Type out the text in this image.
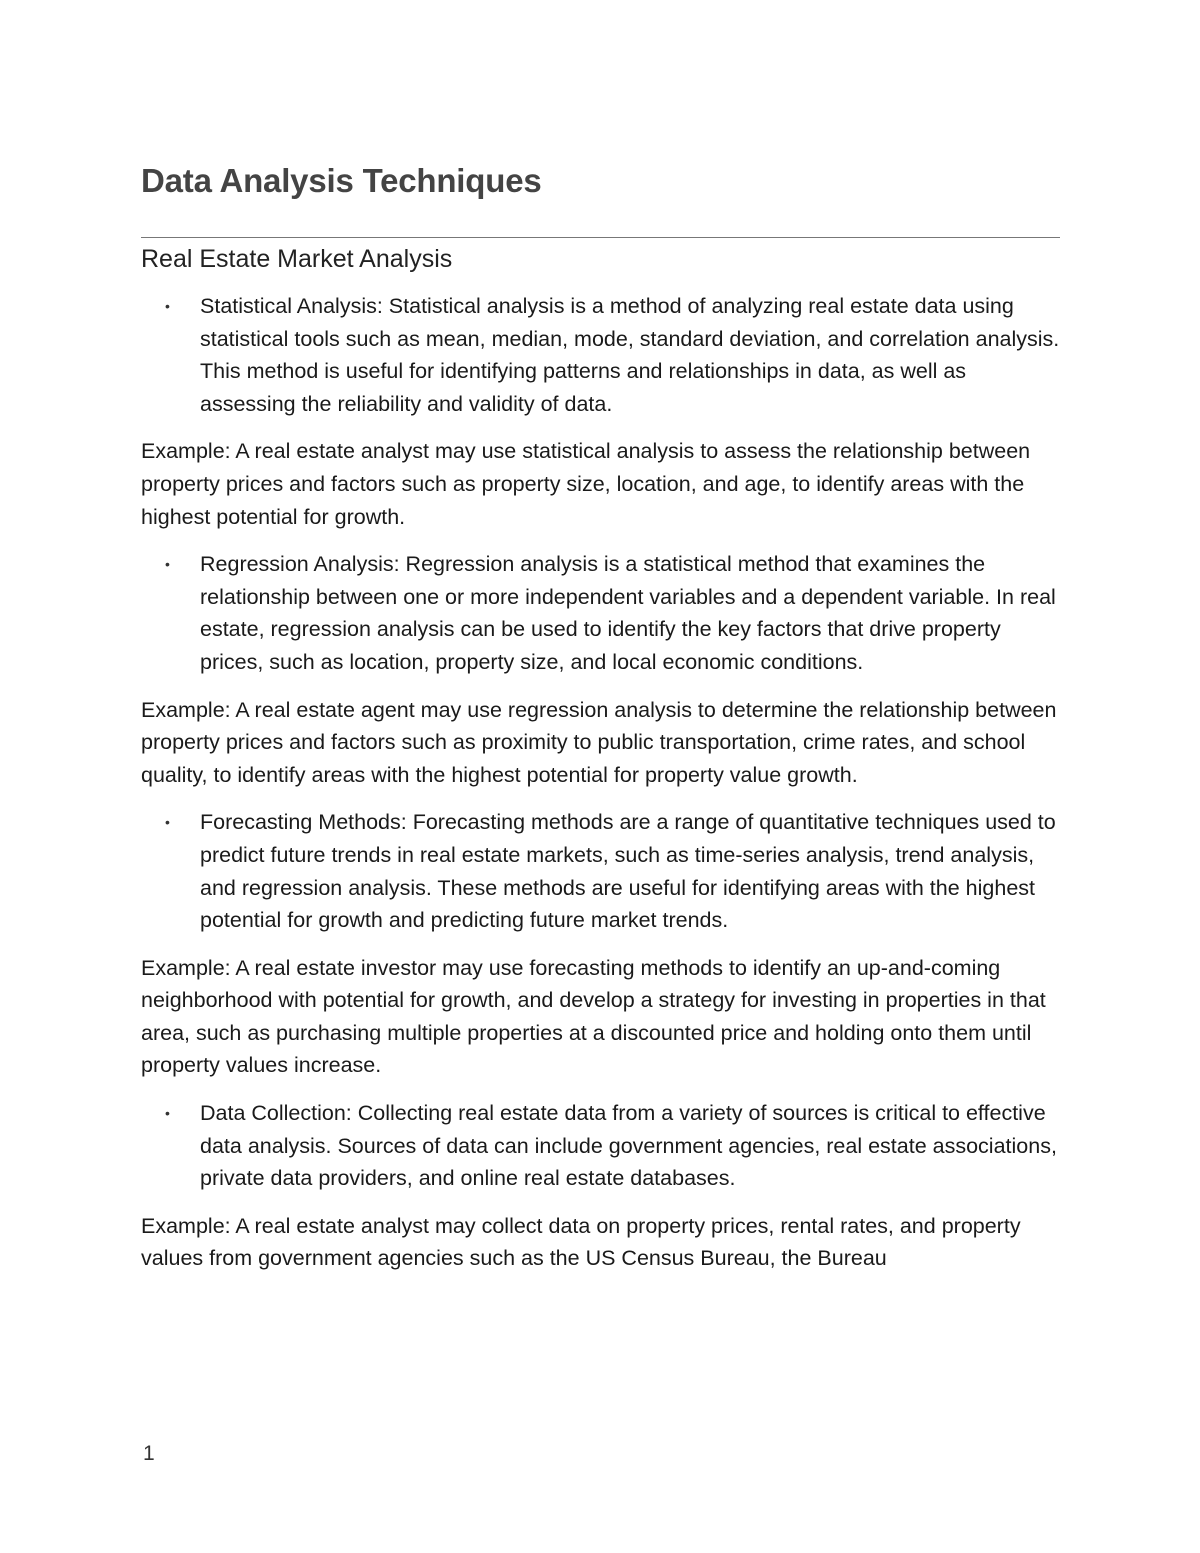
Data Analysis Techniques
Real Estate Market Analysis
• Statistical Analysis: Statistical analysis is a method of analyzing real estate data using statistical tools such as mean, median, mode, standard deviation, and correlation analysis. This method is useful for identifying patterns and relationships in data, as well as assessing the reliability and validity of data.

Example: A real estate analyst may use statistical analysis to assess the relationship between property prices and factors such as property size, location, and age, to identify areas with the highest potential for growth.

• Regression Analysis: Regression analysis is a statistical method that examines the relationship between one or more independent variables and a dependent variable. In real estate, regression analysis can be used to identify the key factors that drive property prices, such as location, property size, and local economic conditions.

Example: A real estate agent may use regression analysis to determine the relationship between property prices and factors such as proximity to public transportation, crime rates, and school quality, to identify areas with the highest potential for property value growth.

• Forecasting Methods: Forecasting methods are a range of quantitative techniques used to predict future trends in real estate markets, such as time-series analysis, trend analysis, and regression analysis. These methods are useful for identifying areas with the highest potential for growth and predicting future market trends.

Example: A real estate investor may use forecasting methods to identify an up-and-coming neighborhood with potential for growth, and develop a strategy for investing in properties in that area, such as purchasing multiple properties at a discounted price and holding onto them until property values increase.

• Data Collection: Collecting real estate data from a variety of sources is critical to effective data analysis. Sources of data can include government agencies, real estate associations, private data providers, and online real estate databases.

Example: A real estate analyst may collect data on property prices, rental rates, and property values from government agencies such as the US Census Bureau, the Bureau

1
